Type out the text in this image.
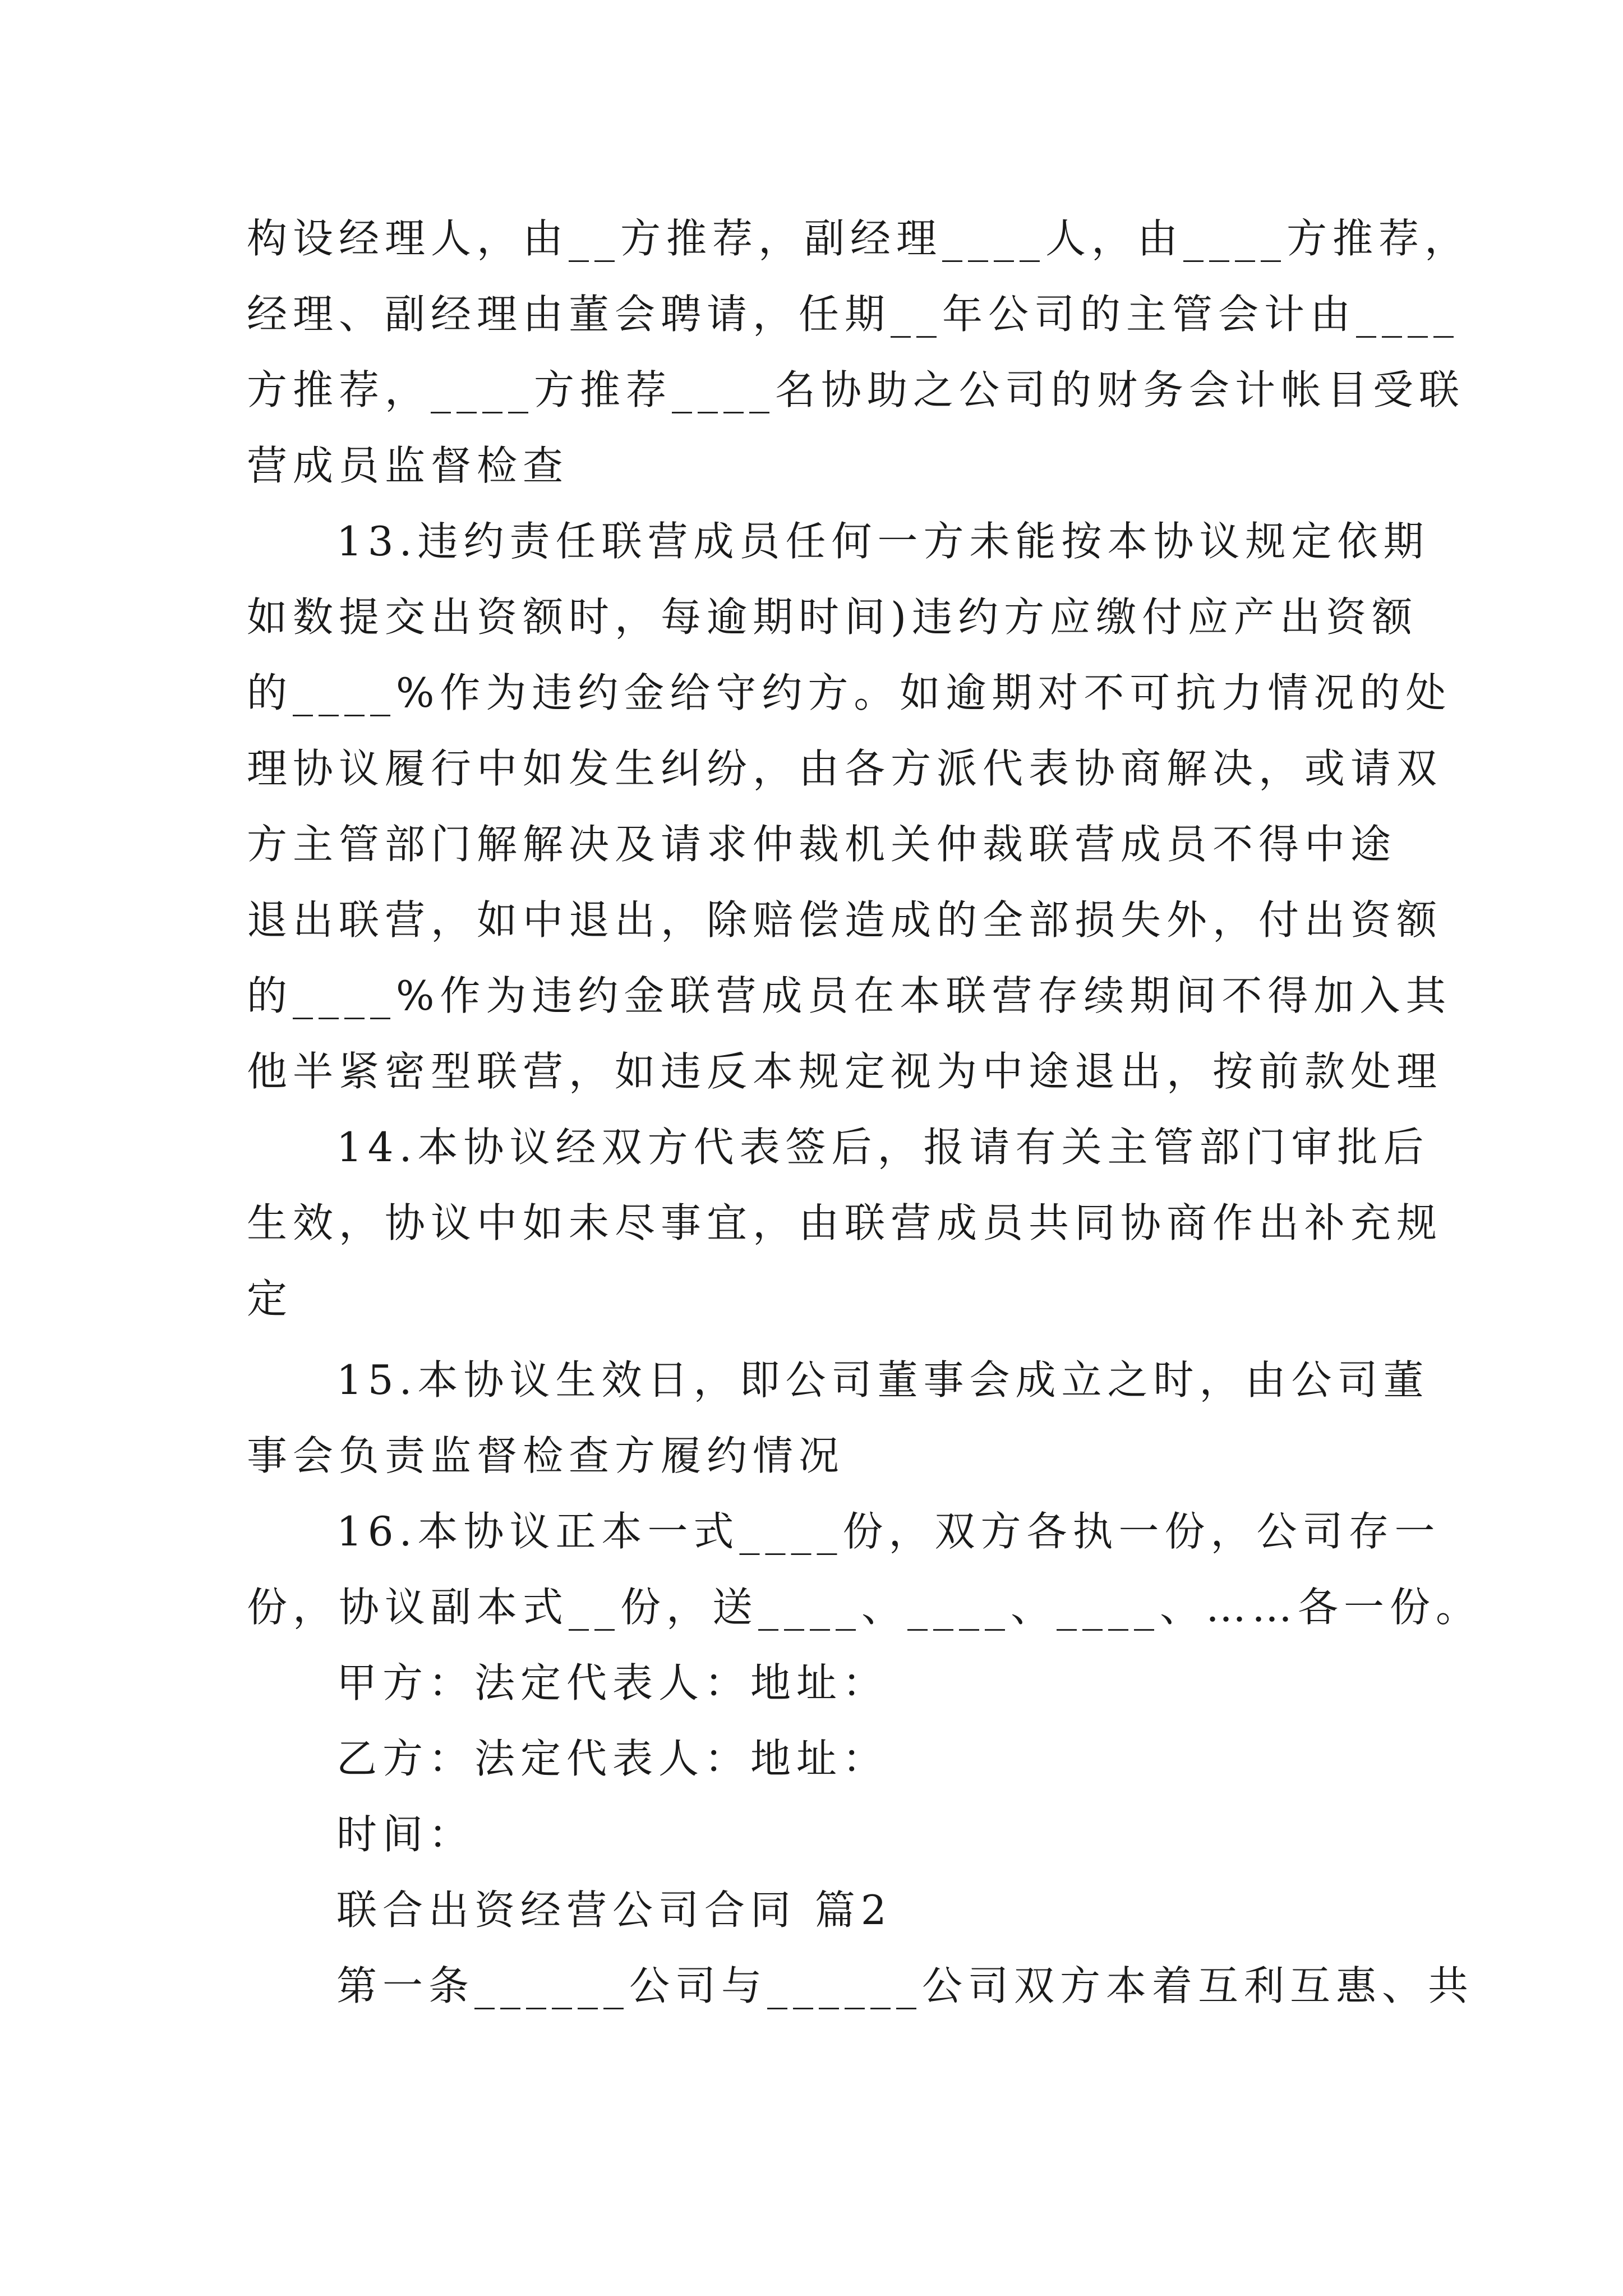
构设经理人，由__方推荐，副经理____人，由____方推荐，
经理、副经理由董会聘请，任期__年公司的主管会计由____
方推荐，____方推荐____名协助之公司的财务会计帐目受联
营成员监督检查
13.违约责任联营成员任何一方未能按本协议规定依期
如数提交出资额时，每逾期时间)违约方应缴付应产出资额
的____%作为违约金给守约方。如逾期对不可抗力情况的处
理协议履行中如发生纠纷，由各方派代表协商解决，或请双
方主管部门解解决及请求仲裁机关仲裁联营成员不得中途
退出联营，如中退出，除赔偿造成的全部损失外，付出资额
的____%作为违约金联营成员在本联营存续期间不得加入其
他半紧密型联营，如违反本规定视为中途退出，按前款处理
14.本协议经双方代表签后，报请有关主管部门审批后
生效，协议中如未尽事宜，由联营成员共同协商作出补充规
定
15.本协议生效日，即公司董事会成立之时，由公司董
事会负责监督检查方履约情况
16.本协议正本一式____份，双方各执一份，公司存一
份，协议副本式__份，送____、____、____、……各一份。
甲方：法定代表人：地址：
乙方：法定代表人：地址：
时间：
联合出资经营公司合同 篇2
第一条______公司与______公司双方本着互利互惠、共
